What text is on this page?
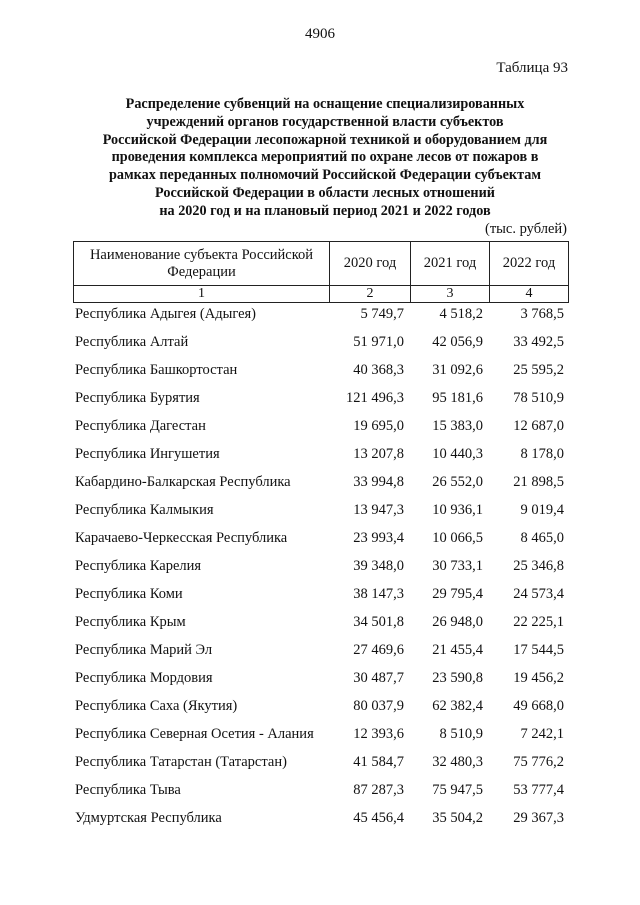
4906
Таблица 93
Распределение субвенций на оснащение специализированных
учреждений органов государственной власти субъектов
Российской Федерации лесопожарной техникой и оборудованием для
проведения комплекса мероприятий по охране лесов от пожаров в
рамках переданных полномочий Российской Федерации субъектам
Российской Федерации в области лесных отношений
на 2020 год и на плановый период 2021 и 2022 годов
(тыс. рублей)
Наименование субъекта Российской Федерации	2020 год	2021 год	2022 год
1	2	3	4
Республика Адыгея (Адыгея)	5 749,7	4 518,2	3 768,5
Республика Алтай	51 971,0	42 056,9	33 492,5
Республика Башкортостан	40 368,3	31 092,6	25 595,2
Республика Бурятия	121 496,3	95 181,6	78 510,9
Республика Дагестан	19 695,0	15 383,0	12 687,0
Республика Ингушетия	13 207,8	10 440,3	8 178,0
Кабардино-Балкарская Республика	33 994,8	26 552,0	21 898,5
Республика Калмыкия	13 947,3	10 936,1	9 019,4
Карачаево-Черкесская Республика	23 993,4	10 066,5	8 465,0
Республика Карелия	39 348,0	30 733,1	25 346,8
Республика Коми	38 147,3	29 795,4	24 573,4
Республика Крым	34 501,8	26 948,0	22 225,1
Республика Марий Эл	27 469,6	21 455,4	17 544,5
Республика Мордовия	30 487,7	23 590,8	19 456,2
Республика Саха (Якутия)	80 037,9	62 382,4	49 668,0
Республика Северная Осетия - Алания	12 393,6	8 510,9	7 242,1
Республика Татарстан (Татарстан)	41 584,7	32 480,3	75 776,2
Республика Тыва	87 287,3	75 947,5	53 777,4
Удмуртская Республика	45 456,4	35 504,2	29 367,3
